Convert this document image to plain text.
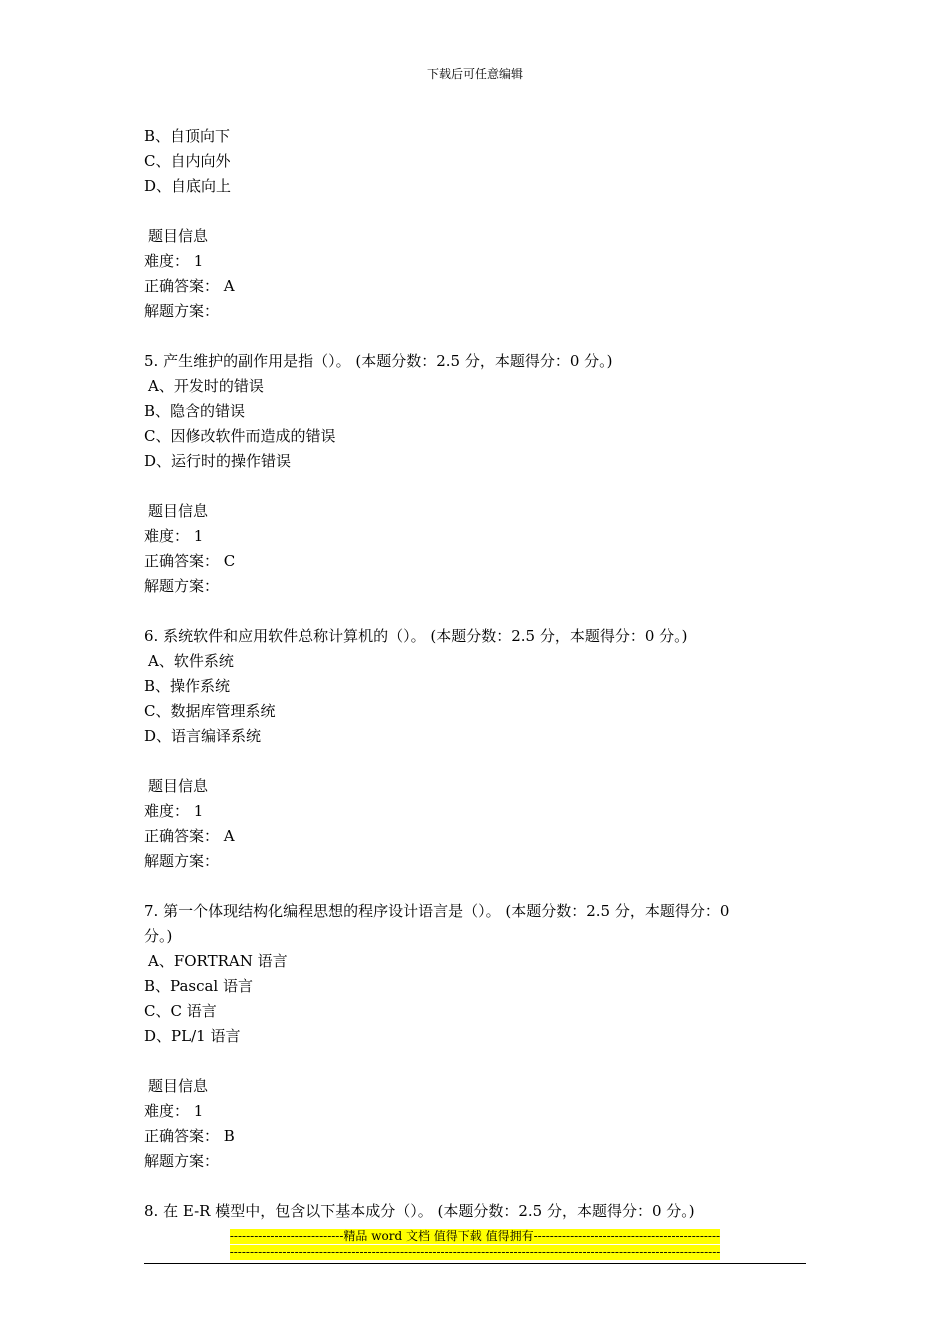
下载后可任意编辑
B、自顶向下
C、自内向外
D、自底向上
题目信息
难度： 1
正确答案： A
解题方案：
5. 产生维护的副作用是指（）。 (本题分数：2.5 分，本题得分：0 分。)
A、开发时的错误
B、隐含的错误
C、因修改软件而造成的错误
D、运行时的操作错误
题目信息
难度： 1
正确答案： C
解题方案：
6. 系统软件和应用软件总称计算机的（）。 (本题分数：2.5 分，本题得分：0 分。)
A、软件系统
B、操作系统
C、数据库管理系统
D、语言编译系统
题目信息
难度： 1
正确答案： A
解题方案：
7. 第一个体现结构化编程思想的程序设计语言是（）。 (本题分数：2.5 分，本题得分：0
分。)
A、FORTRAN 语言
B、Pascal 语言
C、C 语言
D、PL/1 语言
题目信息
难度： 1
正确答案： B
解题方案：
8. 在 E-R 模型中，包含以下基本成分（）。 (本题分数：2.5 分，本题得分：0 分。)
----------------------------精品 word 文档 值得下载 值得拥有----------------------------------------------
-------------------------------------------------------------------------------------------------------------------------
